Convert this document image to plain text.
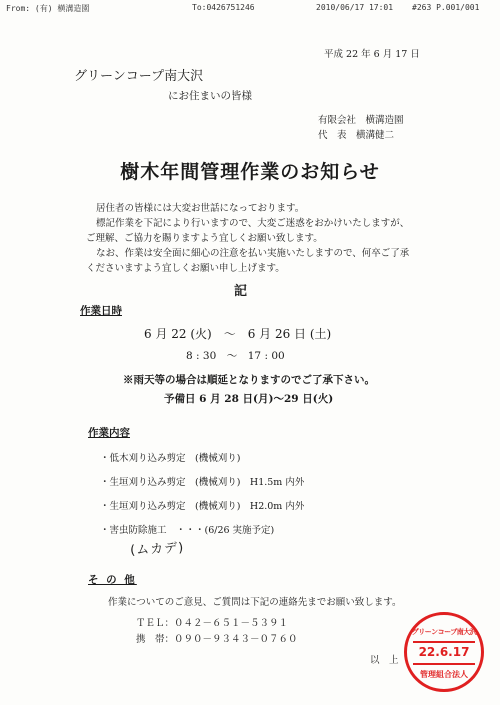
From: (有) 横溝造園	To:0426751246	2010/06/17 17:01 #263 P.001/001
平成 22 年 6 月 17 日
グリーンコープ南大沢
にお住まいの皆様
有限会社　横溝造園
代　表　横溝健二
樹木年間管理作業のお知らせ
居住者の皆様には大変お世話になっております。
標記作業を下記により行いますので、大変ご迷惑をおかけいたしますが、
ご理解、ご協力を賜りますよう宜しくお願い致します。
なお、作業は安全面に細心の注意を払い実施いたしますので、何卒ご了承
くださいますよう宜しくお願い申し上げます。
記
作業日時
6 月 22 (火)　～　6 月 26 日 (土)
8 : 30　～　17 : 00
※雨天等の場合は順延となりますのでご了承下さい。
予備日 6 月 28 日(月)～29 日(火)
作業内容
・低木刈り込み剪定　(機械刈り)
・生垣刈り込み剪定　(機械刈り)　H1.5m 内外
・生垣刈り込み剪定　(機械刈り)　H2.0m 内外
・害虫防除施工　・・・(6/26 実施予定)
(ムカデ)
そ の 他
作業についてのご意見、ご質問は下記の連絡先までお願い致します。
ＴＥＬ：０４２－６５１－５３９１
携　帯：０９０－９３４３－０７６０
以　上
グリーンコープ南大沢
22.6.17
管理組合法人
